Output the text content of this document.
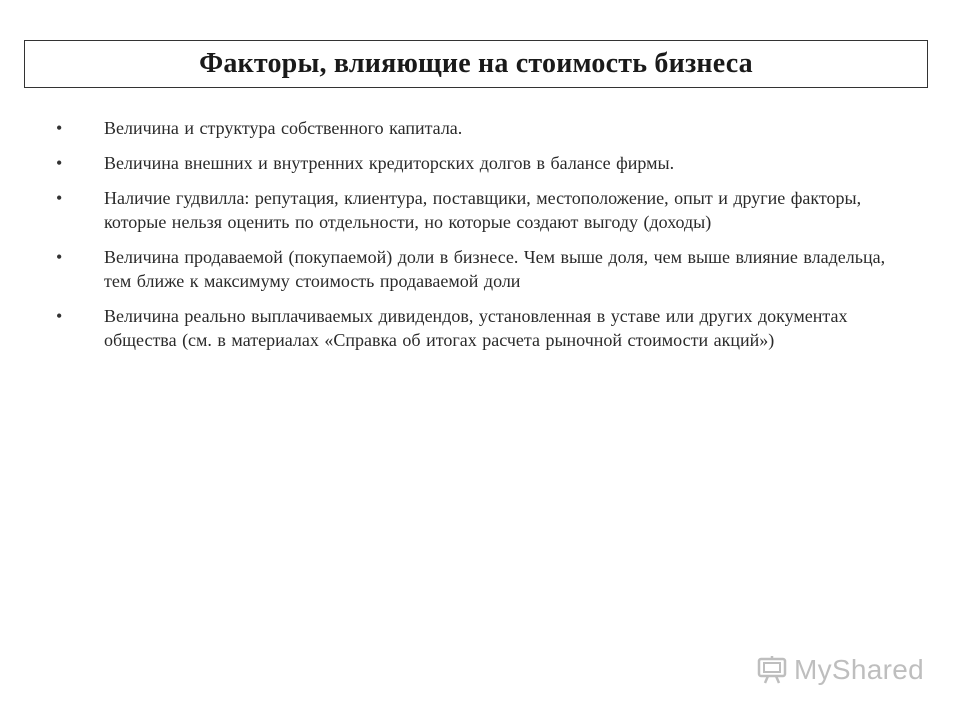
Факторы, влияющие на стоимость бизнеса
•	Величина и структура собственного капитала.
•	Величина внешних и внутренних кредиторских долгов в балансе фирмы.
•	Наличие гудвилла: репутация, клиентура, поставщики, местоположение, опыт и другие факторы, которые нельзя оценить по отдельности, но которые создают выгоду (доходы)
•	Величина продаваемой (покупаемой) доли в бизнесе. Чем выше доля, чем выше влияние владельца, тем ближе к максимуму стоимость продаваемой доли
•	Величина реально выплачиваемых дивидендов, установленная в уставе или других документах общества (см. в материалах «Справка об итогах расчета рыночной стоимости акций»)
MyShared
